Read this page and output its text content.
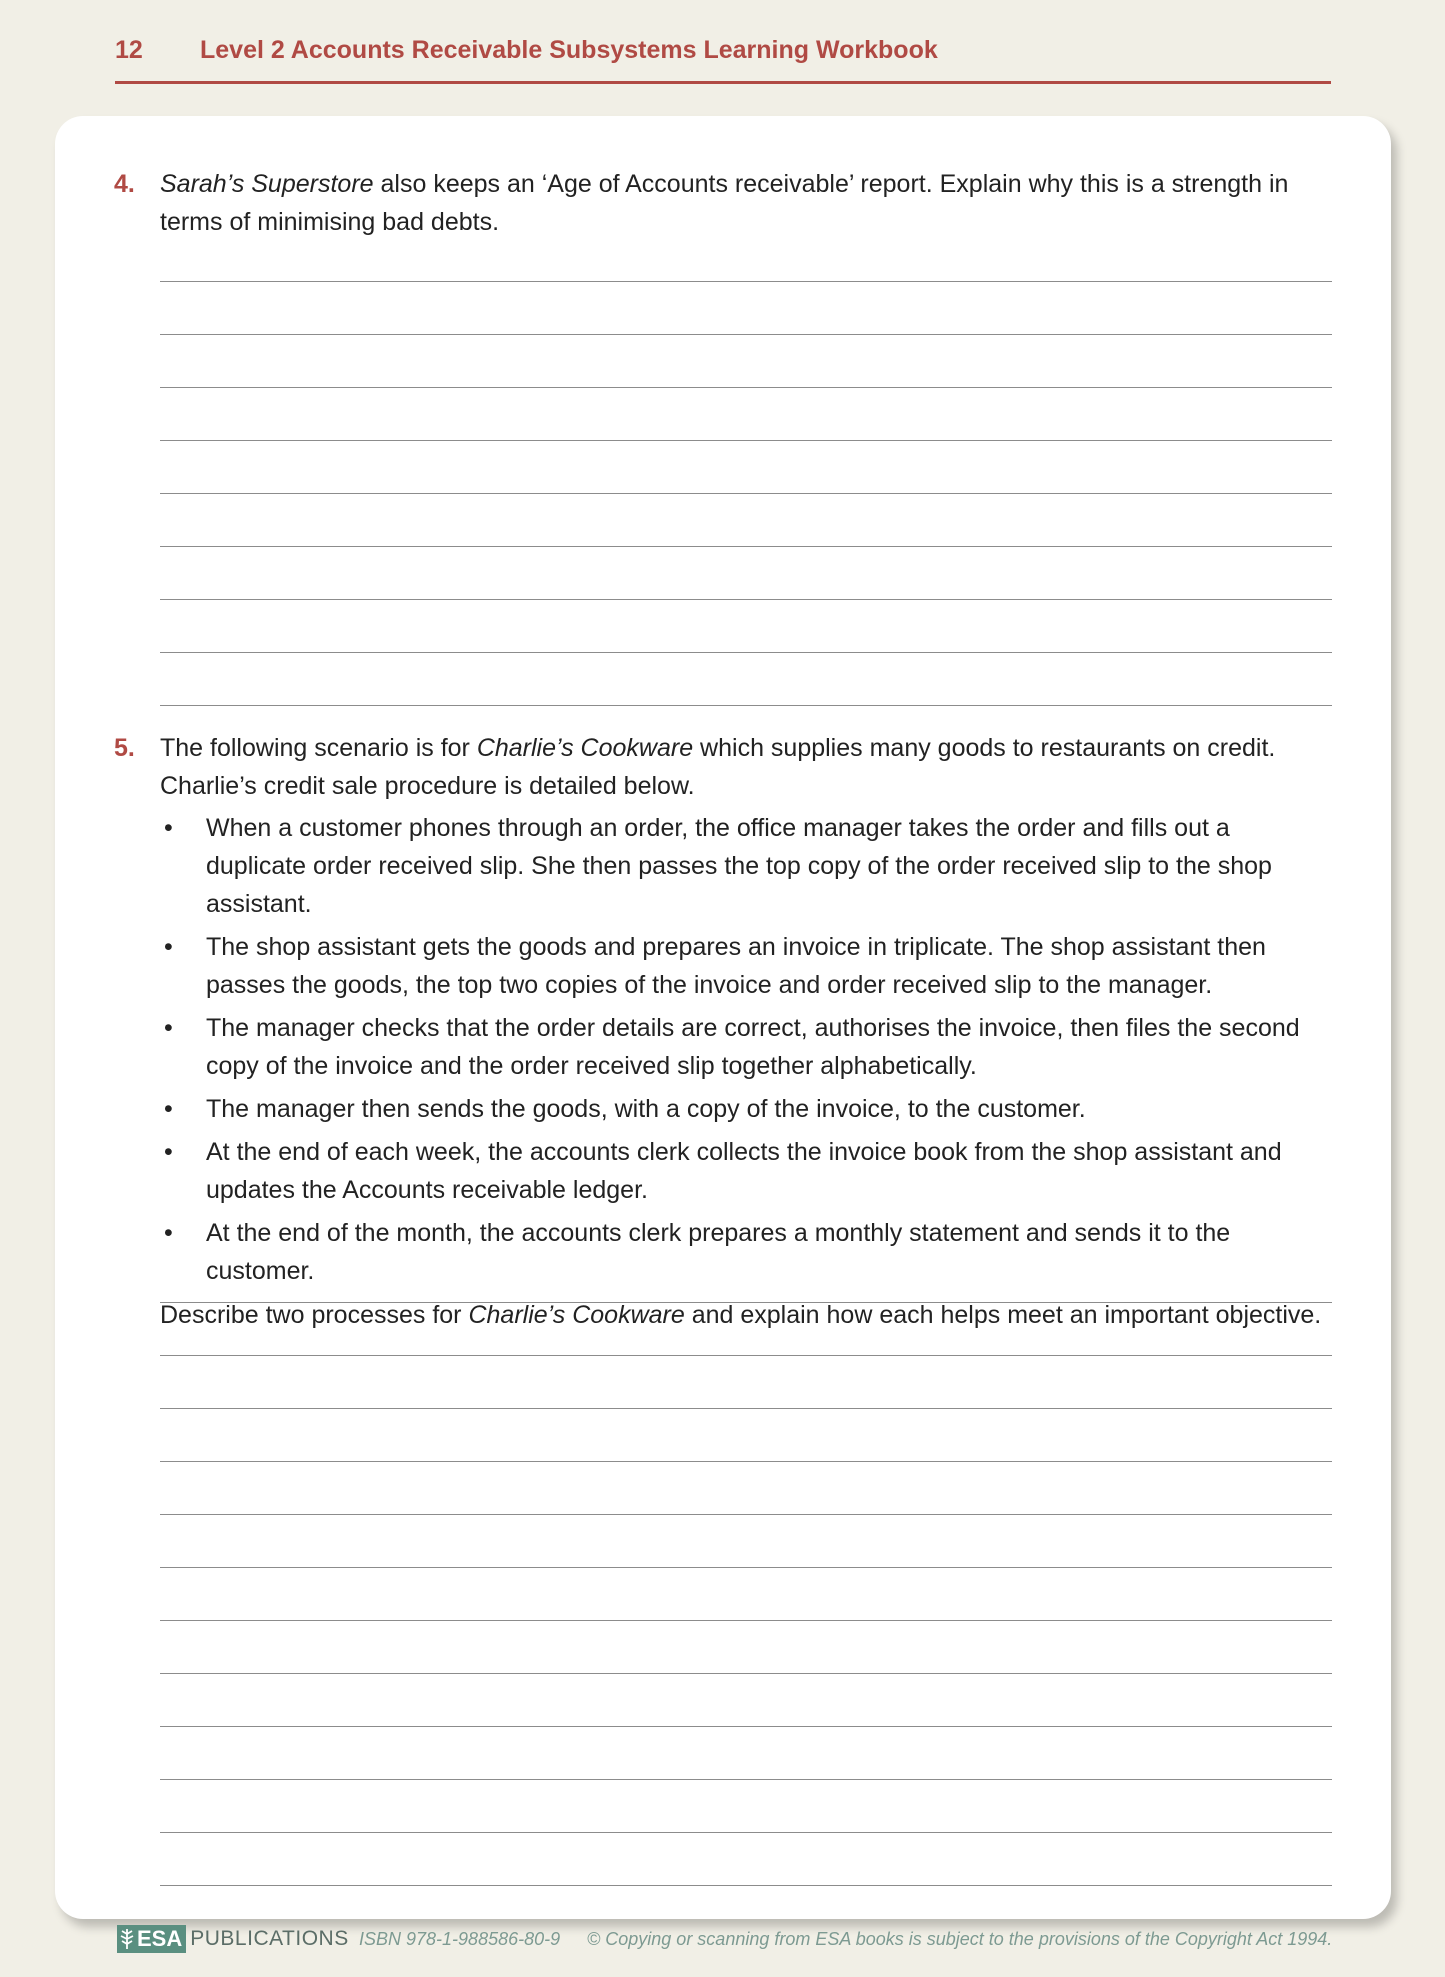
12 Level 2 Accounts Receivable Subsystems Learning Workbook
4. Sarah’s Superstore also keeps an ‘Age of Accounts receivable’ report. Explain why this is a strength in terms of minimising bad debts.

5. The following scenario is for Charlie’s Cookware which supplies many goods to restaurants on credit. Charlie’s credit sale procedure is detailed below.

• When a customer phones through an order, the office manager takes the order and fills out a duplicate order received slip. She then passes the top copy of the order received slip to the shop assistant.
• The shop assistant gets the goods and prepares an invoice in triplicate. The shop assistant then passes the goods, the top two copies of the invoice and order received slip to the manager.
• The manager checks that the order details are correct, authorises the invoice, then files the second copy of the invoice and the order received slip together alphabetically.
• The manager then sends the goods, with a copy of the invoice, to the customer.
• At the end of each week, the accounts clerk collects the invoice book from the shop assistant and updates the Accounts receivable ledger.
• At the end of the month, the accounts clerk prepares a monthly statement and sends it to the customer.

Describe two processes for Charlie’s Cookware and explain how each helps meet an important objective.

ESA PUBLICATIONS ISBN 978-1-988586-80-9 © Copying or scanning from ESA books is subject to the provisions of the Copyright Act 1994.
